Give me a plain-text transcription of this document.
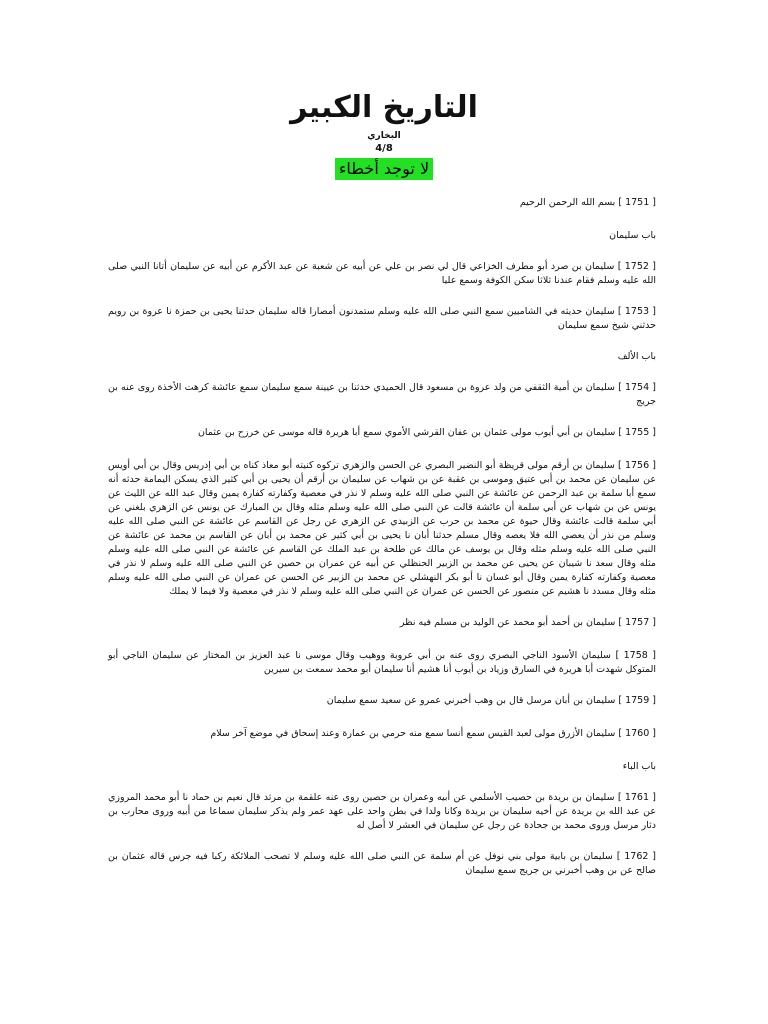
التاريخ الكبير
البخاري
4/8
لا توجد أخطاء

[ 1751 ] بسم الله الرحمن الرحيم

باب سليمان

[ 1752 ] سليمان بن صرد أبو مطرف الخزاعي قال لي نصر بن علي عن أبيه عن شعبة عن عبد الأكرم عن أبيه عن سليمان أتانا النبي صلى الله عليه وسلم فقام عندنا ثلاثا سكن الكوفة وسمع عليا

[ 1753 ] سليمان حديثه في الشاميين سمع النبي صلى الله عليه وسلم ستمدنون أمصارا قاله سليمان حدثنا يحيى بن حمزة نا عروة بن رويم حدثني شيخ سمع سليمان

باب الألف

[ 1754 ] سليمان بن أمية الثقفي من ولد عروة بن مسعود قال الحميدي حدثنا بن عيينة سمع سليمان سمع عائشة كرهت الأخذة روى عنه بن جريج

[ 1755 ] سليمان بن أبي أيوب مولى عثمان بن عفان القرشي الأموي سمع أبا هريرة قاله موسى عن خرزح بن عثمان

[ 1756 ] سليمان بن أرقم مولى قريظة أبو النضير البصري عن الحسن والزهري تركوه كنيته أبو معاذ كناه بن أبي إدريس وقال بن أبي أويس عن سليمان عن محمد بن أبي عتيق وموسى بن عقبة عن بن شهاب عن سليمان بن أرقم أن يحيى بن أبي كثير الذي يسكن اليمامة حدثه أنه سمع أبا سلمة بن عبد الرحمن عن عائشة عن النبي صلى الله عليه وسلم لا نذر في معصية وكفارته كفارة يمين وقال عبد الله عن الليث عن يونس عن بن شهاب عن أبي سلمة أن عائشة قالت عن النبي صلى الله عليه وسلم مثله وقال بن المبارك عن يونس عن الزهري بلغني عن أبي سلمة قالت عائشة وقال حيوة عن محمد بن حرب عن الزبيدي عن الزهري عن رجل عن القاسم عن عائشة عن النبي صلى الله عليه وسلم من نذر أن يعصي الله فلا يعصه وقال مسلم حدثنا أبان نا يحيى بن أبي كثير عن محمد بن أبان عن القاسم بن محمد عن عائشة عن النبي صلى الله عليه وسلم مثله وقال بن يوسف عن مالك عن طلحة بن عبد الملك عن القاسم عن عائشة عن النبي صلى الله عليه وسلم مثله وقال سعد نا شيبان عن يحيى عن محمد بن الزبير الحنظلي عن أبيه عن عمران بن حصين عن النبي صلى الله عليه وسلم لا نذر في معصية وكفارته كفارة يمين وقال أبو غسان نا أبو بكر النهشلي عن محمد بن الزبير عن الحسن عن عمران عن النبي صلى الله عليه وسلم مثله وقال مسدد نا هشيم عن منصور عن الحسن عن عمران عن النبي صلى الله عليه وسلم لا نذر في معصية ولا فيما لا يملك

[ 1757 ] سليمان بن أحمد أبو محمد عن الوليد بن مسلم فيه نظر

[ 1758 ] سليمان الأسود الناجي البصري روى عنه بن أبي عروبة ووهيب وقال موسى نا عبد العزيز بن المختار عن سليمان الناجي أبو المتوكل شهدت أبا هريرة في السارق وزياد بن أيوب أنا هشيم أنا سليمان أبو محمد سمعت بن سيرين

[ 1759 ] سليمان بن أبان مرسل قال بن وهب أخبرني عمرو عن سعيد سمع سليمان

[ 1760 ] سليمان الأزرق مولى لعبد القيس سمع أنسا سمع منه حرمي بن عمارة وعند إسحاق في موضع آخر سلام

باب الباء

[ 1761 ] سليمان بن بريدة بن حصيب الأسلمي عن أبيه وعمران بن حصين روى عنه علقمة بن مرثد قال نعيم بن حماد نا أبو محمد المروزي عن عبد الله بن بريدة عن أخيه سليمان بن بريدة وكانا ولدا في بطن واحد على عهد عمر ولم يذكر سليمان سماعا من أبيه وروى محارب بن دثار مرسل وروى محمد بن جحادة عن رجل عن سليمان في العشر لا أصل له

[ 1762 ] سليمان بن بابية مولى بني نوفل عن أم سلمة عن النبي صلى الله عليه وسلم لا تصحب الملائكة ركبا فيه جرس قاله عثمان بن صالح عن بن وهب أخبرني بن جريج سمع سليمان
